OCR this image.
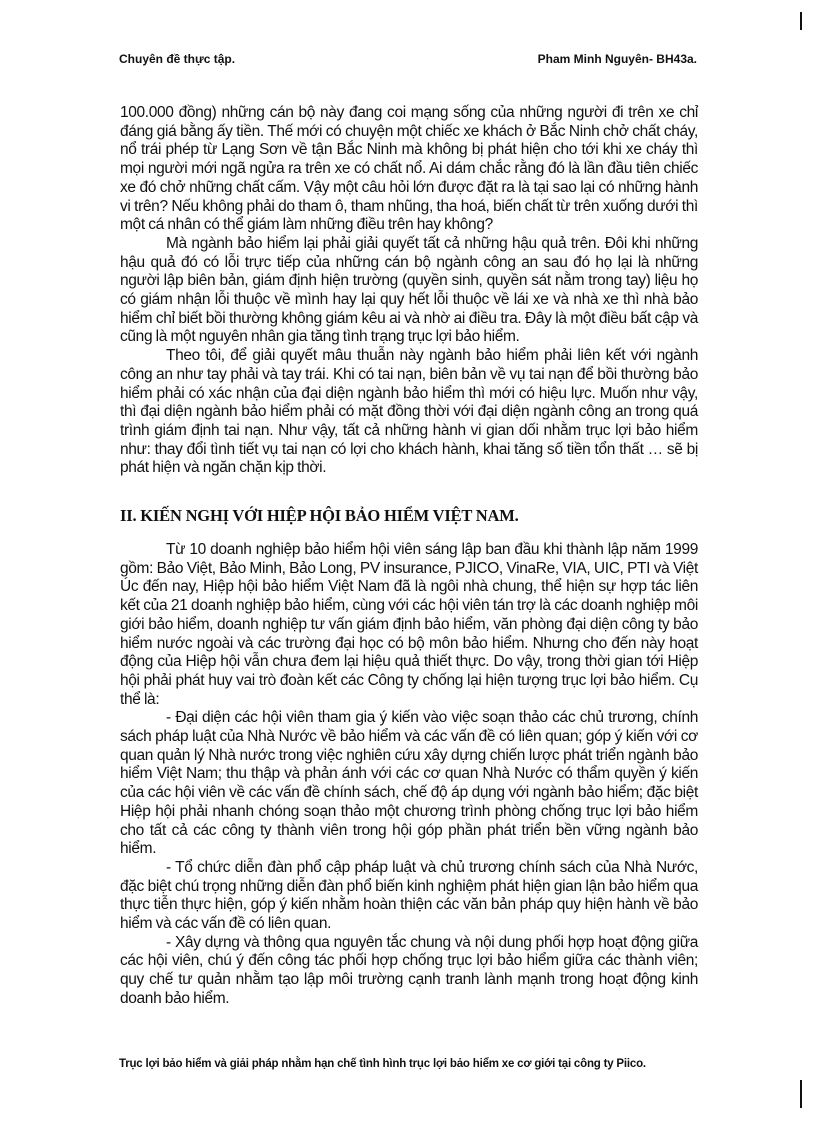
Chuyên đề thực tập.	Pham Minh Nguyên- BH43a.

100.000 đồng) những cán bộ này đang coi mạng sống của những người đi trên xe chỉ đáng giá bằng ấy tiền. Thế mới có chuyện một chiếc xe khách ở Bắc Ninh chở chất cháy, nổ trái phép từ Lạng Sơn về tận Bắc Ninh mà không bị phát hiện cho tới khi xe cháy thì mọi người mới ngã ngửa ra trên xe có chất nổ. Ai dám chắc rằng đó là lần đầu tiên chiếc xe đó chở những chất cấm. Vậy một câu hỏi lớn được đặt ra là tại sao lại có những hành vi trên? Nếu không phải do tham ô, tham nhũng, tha hoá, biến chất từ trên xuống dưới thì một cá nhân có thể giám làm những điều trên hay không?

Mà ngành bảo hiểm lại phải giải quyết tất cả những hậu quả trên. Đôi khi những hậu quả đó có lỗi trực tiếp của những cán bộ ngành công an sau đó họ lại là những người lập biên bản, giám định hiện trường (quyền sinh, quyền sát nằm trong tay) liệu họ có giám nhận lỗi thuộc về mình hay lại quy hết lỗi thuộc về lái xe và nhà xe thì nhà bảo hiểm chỉ biết bồi thường không giám kêu ai và nhờ ai điều tra. Đây là một điều bất cập và cũng là một nguyên nhân gia tăng tình trạng trục lợi bảo hiểm.

Theo tôi, để giải quyết mâu thuẫn này ngành bảo hiểm phải liên kết với ngành công an như tay phải và tay trái. Khi có tai nạn, biên bản về vụ tai nạn để bồi thường bảo hiểm phải có xác nhận của đại diện ngành bảo hiểm thì mới có hiệu lực. Muốn như vậy, thì đại diện ngành bảo hiểm phải có mặt đồng thời với đại diện ngành công an trong quá trình giám định tai nạn. Như vậy, tất cả những hành vi gian dối nhằm trục lợi bảo hiểm như: thay đổi tình tiết vụ tai nạn có lợi cho khách hành, khai tăng số tiền tổn thất … sẽ bị phát hiện và ngăn chặn kịp thời.

II. KIẾN NGHỊ VỚI HIỆP HỘI BẢO HIỂM VIỆT NAM.

Từ 10 doanh nghiệp bảo hiểm hội viên sáng lập ban đầu khi thành lập năm 1999 gồm: Bảo Việt, Bảo Minh, Bảo Long, PV insurance, PJICO, VinaRe, VIA, UIC, PTI và Việt Úc đến nay, Hiệp hội bảo hiểm Việt Nam đã là ngôi nhà chung, thể hiện sự hợp tác liên kết của 21 doanh nghiệp bảo hiểm, cùng với các hội viên tán trợ là các doanh nghiệp môi giới bảo hiểm, doanh nghiệp tư vấn giám định bảo hiểm, văn phòng đại diện công ty bảo hiểm nước ngoài và các trường đại học có bộ môn bảo hiểm. Nhưng cho đến này hoạt động của Hiệp hội vẫn chưa đem lại hiệu quả thiết thực. Do vậy, trong thời gian tới Hiệp hội phải phát huy vai trò đoàn kết các Công ty chống lại hiện tượng trục lợi bảo hiểm. Cụ thể là:

- Đại diện các hội viên tham gia ý kiến vào việc soạn thảo các chủ trương, chính sách pháp luật của Nhà Nước về bảo hiểm và các vấn đề có liên quan; góp ý kiến với cơ quan quản lý Nhà nước trong việc nghiên cứu xây dựng chiến lược phát triển ngành bảo hiểm Việt Nam; thu thập và phản ánh với các cơ quan Nhà Nước có thẩm quyền ý kiến của các hội viên về các vấn đề chính sách, chế độ áp dụng với ngành bảo hiểm; đặc biệt Hiệp hội phải nhanh chóng soạn thảo một chương trình phòng chống trục lợi bảo hiểm cho tất cả các công ty thành viên trong hội góp phần phát triển bền vững ngành bảo hiểm.

- Tổ chức diễn đàn phổ cập pháp luật và chủ trương chính sách của Nhà Nước, đặc biệt chú trọng những diễn đàn phổ biến kinh nghiệm phát hiện gian lận bảo hiểm qua thực tiễn thực hiện, góp ý kiến nhằm hoàn thiện các văn bản pháp quy hiện hành về bảo hiểm và các vấn đề có liên quan.

- Xây dựng và thông qua nguyên tắc chung và nội dung phối hợp hoạt động giữa các hội viên, chú ý đến công tác phối hợp chống trục lợi bảo hiểm giữa các thành viên; quy chế tư quản nhằm tạo lập môi trường cạnh tranh lành mạnh trong hoạt động kinh doanh bảo hiểm.

Trục lợi bảo hiểm và giải pháp nhằm hạn chế tình hình trục lợi bảo hiểm xe cơ giới tại công ty Piico.
